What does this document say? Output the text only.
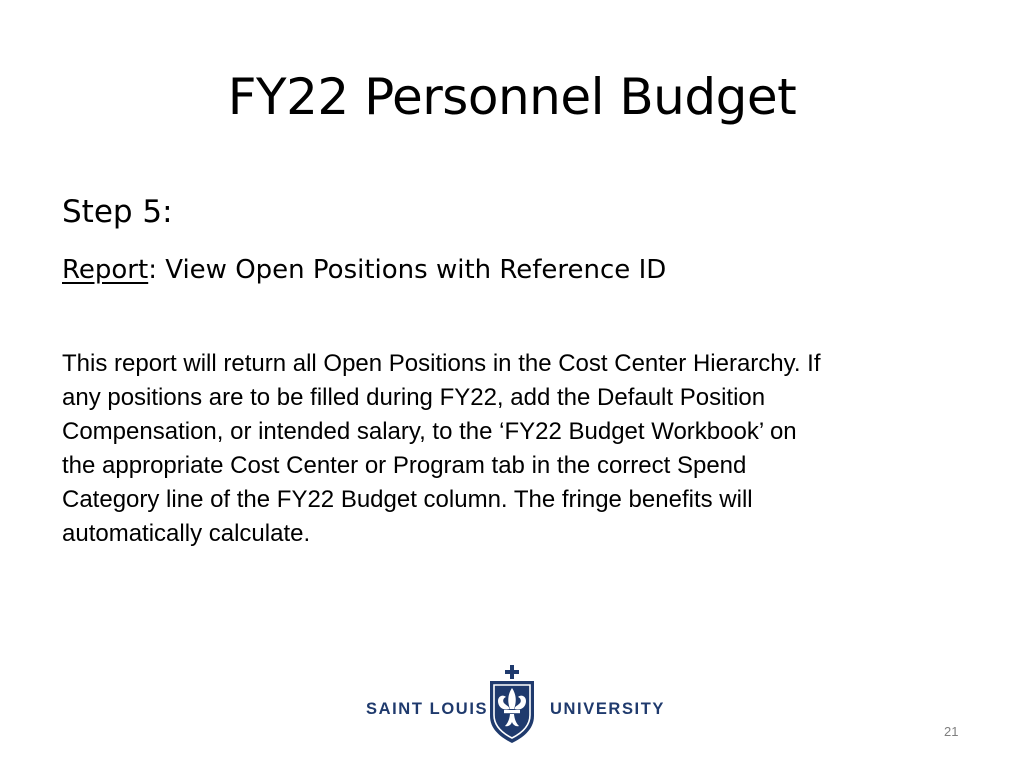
FY22 Personnel Budget
Step 5:
Report: View Open Positions with Reference ID
This report will return all Open Positions in the Cost Center Hierarchy. If
any positions are to be filled during FY22, add the Default Position
Compensation, or intended salary, to the ‘FY22 Budget Workbook’ on
the appropriate Cost Center or Program tab in the correct Spend
Category line of the FY22 Budget column. The fringe benefits will
automatically calculate.
SAINT LOUIS	UNIVERSITY
21
